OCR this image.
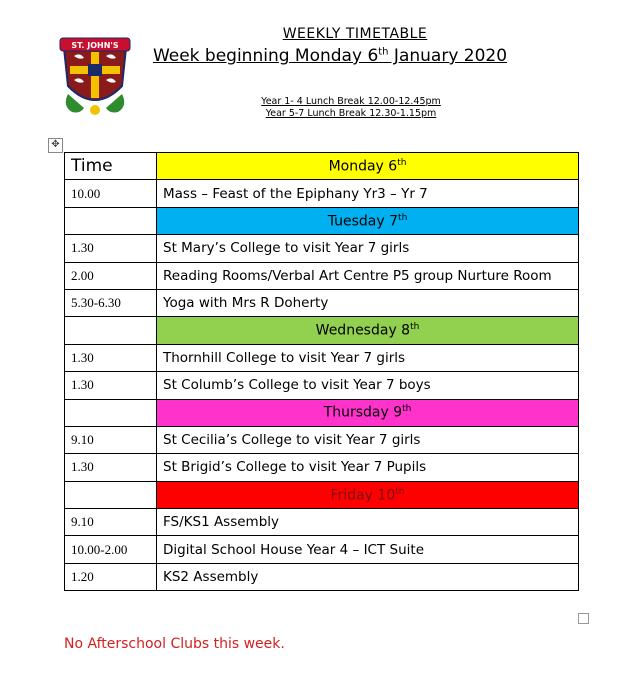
ST. JOHN'S
WEEKLY TIMETABLE
Week beginning Monday 6th January 2020
Year 1- 4 Lunch Break 12.00-12.45pm
Year 5-7 Lunch Break 12.30-1.15pm
✥
Time	Monday 6th
10.00	Mass – Feast of the Epiphany Yr3 – Yr 7
	Tuesday 7th
1.30	St Mary’s College to visit Year 7 girls
2.00	Reading Rooms/Verbal Art Centre P5 group Nurture Room
5.30-6.30	Yoga with Mrs R Doherty
	Wednesday 8th
1.30	Thornhill College to visit Year 7 girls
1.30	St Columb’s College to visit Year 7 boys
	Thursday 9th
9.10	St Cecilia’s College to visit Year 7 girls
1.30	St Brigid’s College to visit Year 7 Pupils
	Friday 10th
9.10	FS/KS1 Assembly
10.00-2.00	Digital School House Year 4 – ICT Suite
1.20	KS2 Assembly
No Afterschool Clubs this week.
